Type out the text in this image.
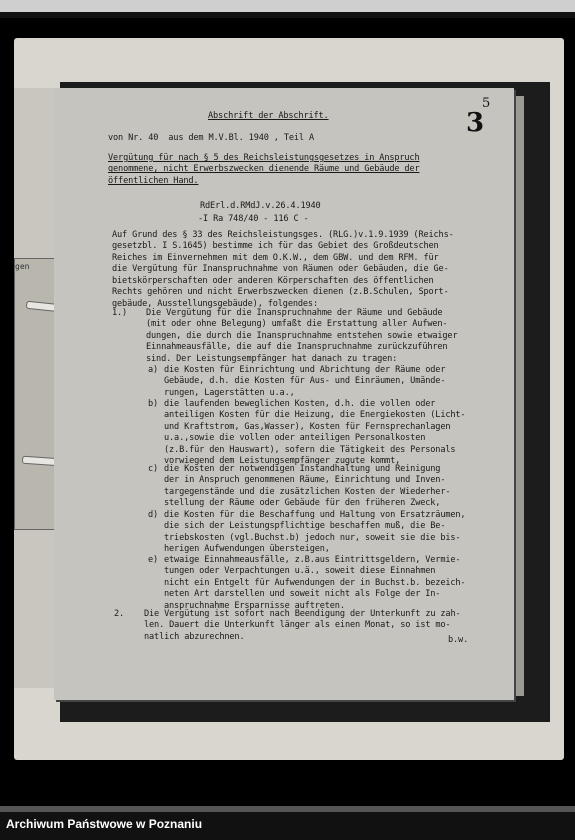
gen
5
3
Abschrift der Abschrift.
von Nr. 40  aus dem M.V.Bl. 1940 , Teil A
Vergütung für nach § 5 des Reichsleistungsgesetzes in Anspruch
genommene, nicht Erwerbszwecken dienende Räume und Gebäude der
öffentlichen Hand.
RdErl.d.RMdJ.v.26.4.1940
-I Ra 748/40 - 116 C -
Auf Grund des § 33 des Reichsleistungsges. (RLG.)v.1.9.1939 (Reichs-
gesetzbl. I S.1645) bestimme ich für das Gebiet des Großdeutschen
Reiches im Einvernehmen mit dem O.K.W., dem GBW. und dem RFM. für
die Vergütung für Inanspruchnahme von Räumen oder Gebäuden, die Ge-
bietskörperschaften oder anderen Körperschaften des öffentlichen
Rechts gehören und nicht Erwerbszwecken dienen (z.B.Schulen, Sport-
gebäude, Ausstellungsgebäude), folgendes:
1.) Die Vergütung für die Inanspruchnahme der Räume und Gebäude
(mit oder ohne Belegung) umfaßt die Erstattung aller Aufwen-
dungen, die durch die Inanspruchnahme entstehen sowie etwaiger
Einnahmeausfälle, die auf die Inanspruchnahme zurückzuführen
sind. Der Leistungsempfänger hat danach zu tragen:
a) die Kosten für Einrichtung und Abrichtung der Räume oder
Gebäude, d.h. die Kosten für Aus- und Einräumen, Umände-
rungen, Lagerstätten u.a.,
b) die laufenden beweglichen Kosten, d.h. die vollen oder
anteiligen Kosten für die Heizung, die Energiekosten (Licht-
und Kraftstrom, Gas,Wasser), Kosten für Fernsprechanlagen
u.a.,sowie die vollen oder anteiligen Personalkosten
(z.B.für den Hauswart), sofern die Tätigkeit des Personals
vorwiegend dem Leistungsempfänger zugute kommt,
c) die Kosten der notwendigen Instandhaltung und Reinigung
der in Anspruch genommenen Räume, Einrichtung und Inven-
targegenstände und die zusätzlichen Kosten der Wiederher-
stellung der Räume oder Gebäude für den früheren Zweck,
d) die Kosten für die Beschaffung und Haltung von Ersatzräumen,
die sich der Leistungspflichtige beschaffen muß, die Be-
triebskosten (vgl.Buchst.b) jedoch nur, soweit sie die bis-
herigen Aufwendungen übersteigen,
e) etwaige Einnahmeausfälle, z.B.aus Eintrittsgeldern, Vermie-
tungen oder Verpachtungen u.ä., soweit diese Einnahmen
nicht ein Entgelt für Aufwendungen der in Buchst.b. bezeich-
neten Art darstellen und soweit nicht als Folge der In-
anspruchnahme Ersparnisse auftreten.
2. Die Vergütung ist sofort nach Beendigung der Unterkunft zu zah-
len. Dauert die Unterkunft länger als einen Monat, so ist mo-
natlich abzurechnen.	b.w.
Archiwum Państwowe w Poznaniu
